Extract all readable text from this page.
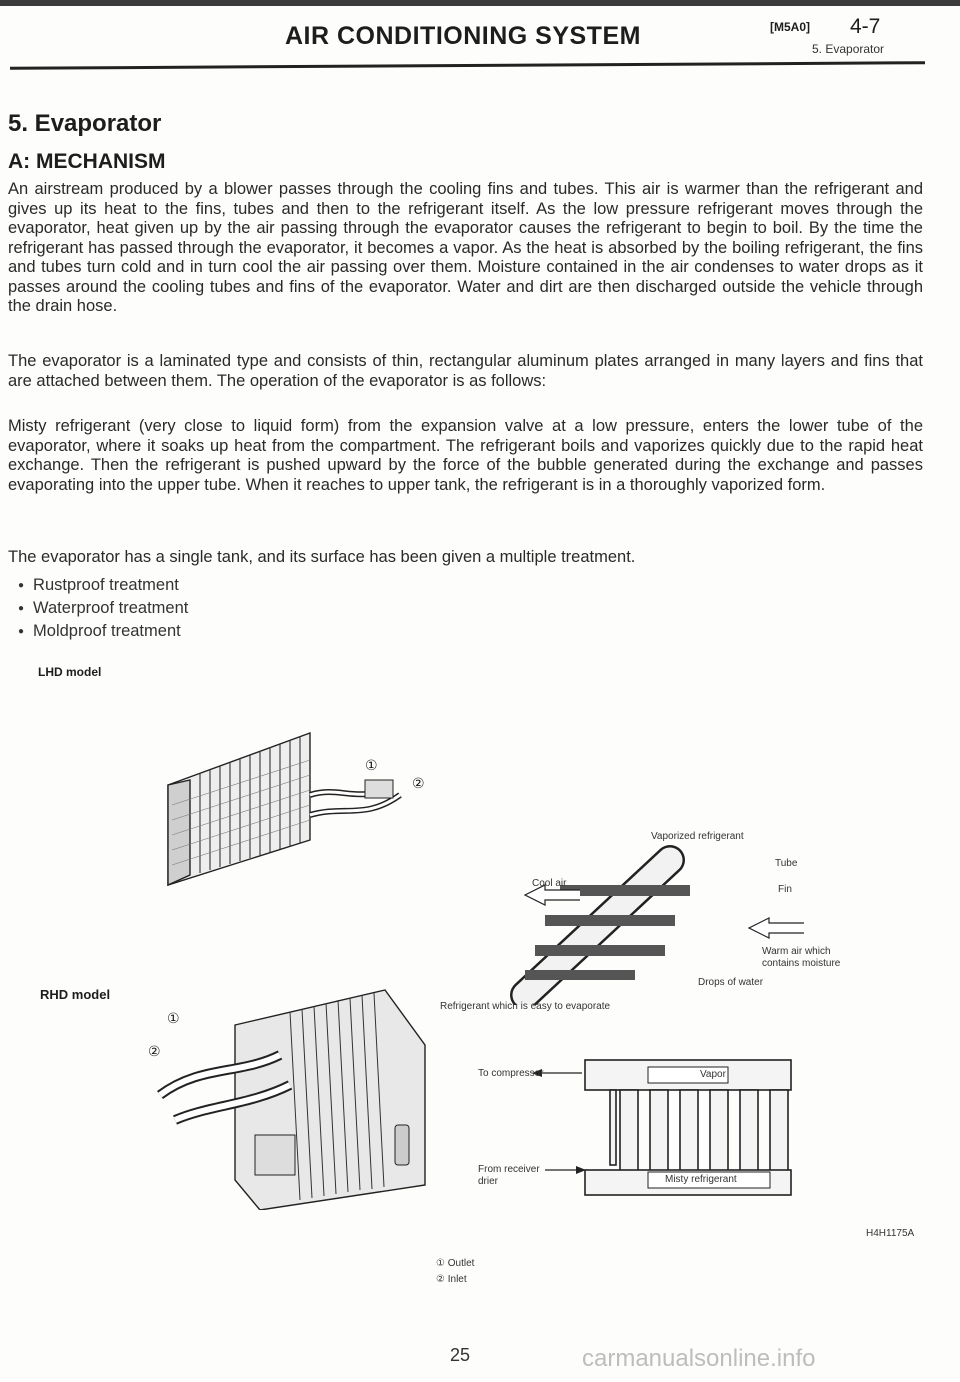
AIR CONDITIONING SYSTEM	[M5A0] 4-7
5. Evaporator
5. Evaporator
A: MECHANISM

An airstream produced by a blower passes through the cooling fins and tubes. This air is warmer than the refrigerant and gives up its heat to the fins, tubes and then to the refrigerant itself. As the low pressure refrigerant moves through the evaporator, heat given up by the air passing through the evaporator causes the refrigerant to begin to boil. By the time the refrigerant has passed through the evaporator, it becomes a vapor. As the heat is absorbed by the boiling refrigerant, the fins and tubes turn cold and in turn cool the air passing over them. Moisture contained in the air condenses to water drops as it passes around the cooling tubes and fins of the evaporator. Water and dirt are then discharged outside the vehicle through the drain hose.

The evaporator is a laminated type and consists of thin, rectangular aluminum plates arranged in many layers and fins that are attached between them. The operation of the evaporator is as follows:

Misty refrigerant (very close to liquid form) from the expansion valve at a low pressure, enters the lower tube of the evaporator, where it soaks up heat from the compartment. The refrigerant boils and vaporizes quickly due to the rapid heat exchange. Then the refrigerant is pushed upward by the force of the bubble generated during the exchange and passes evaporating into the upper tube. When it reaches to upper tank, the refrigerant is in a thoroughly vaporized form.

The evaporator has a single tank, and its surface has been given a multiple treatment.

● Rustproof treatment
● Waterproof treatment
● Moldproof treatment
LHD model
①
②
RHD model
①
②
Vaporized refrigerant
Tube
Fin
Cool air
Warm air which contains moisture
Drops of water
Refrigerant which is easy to evaporate
To compressor
From receiver drier
Vapor
Misty refrigerant
H4H1175A
① Outlet
② Inlet
25	carmanualsonline.info
